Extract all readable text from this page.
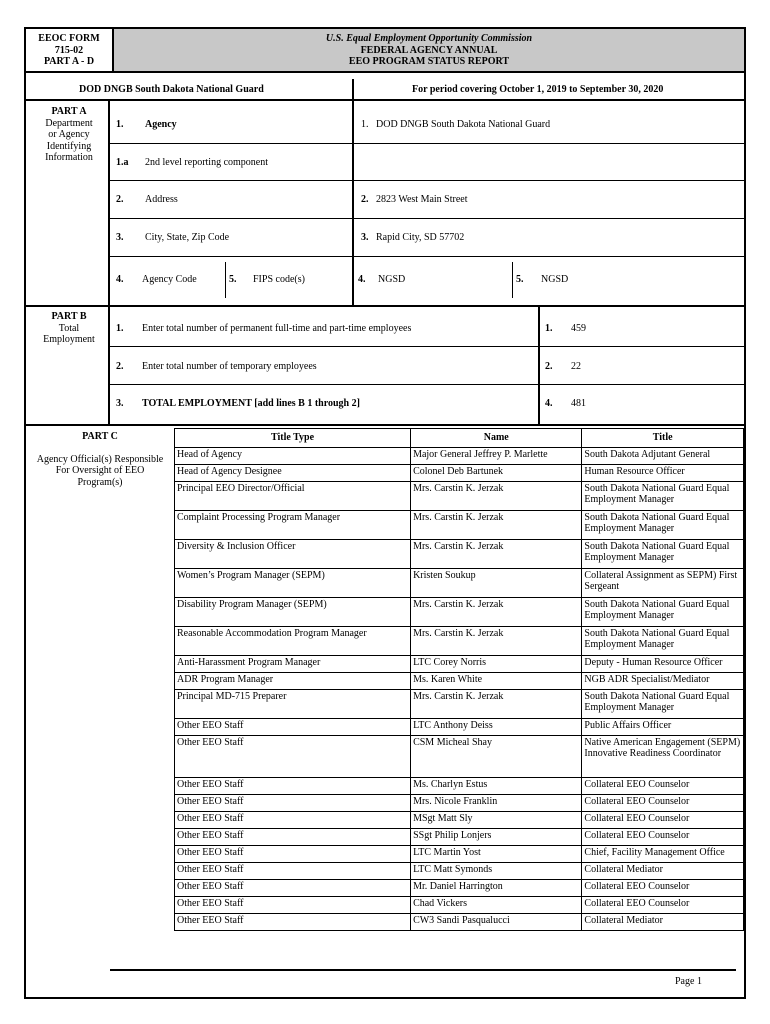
EEOC FORM
715-02
PART A - D
U.S. Equal Employment Opportunity Commission
FEDERAL AGENCY ANNUAL
EEO PROGRAM STATUS REPORT
DOD DNGB South Dakota National Guard	For period covering October 1, 2019 to September 30, 2020
PART A
Department
or Agency
Identifying
Information
1. Agency	1. DOD DNGB South Dakota National Guard
1.a 2nd level reporting component
2. Address	2. 2823 West Main Street
3. City, State, Zip Code	3. Rapid City, SD 57702
4. Agency Code	5. FIPS code(s)	4. NGSD	5. NGSD
PART B
Total
Employment
1. Enter total number of permanent full-time and part-time employees	1. 459
2. Enter total number of temporary employees	2. 22
3. TOTAL EMPLOYMENT [add lines B 1 through 2]	4. 481
PART C
Agency Official(s) Responsible
For Oversight of EEO
Program(s)
Title Type	Name	Title
Head of Agency	Major General Jeffrey P. Marlette	South Dakota Adjutant General
Head of Agency Designee	Colonel Deb Bartunek	Human Resource Officer
Principal EEO Director/Official	Mrs. Carstin K. Jerzak	South Dakota National Guard Equal Employment Manager
Complaint Processing Program Manager	Mrs. Carstin K. Jerzak	South Dakota National Guard Equal Employment Manager
Diversity & Inclusion Officer	Mrs. Carstin K. Jerzak	South Dakota National Guard Equal Employment Manager
Women’s Program Manager (SEPM)	Kristen Soukup	Collateral Assignment as SEPM) First Sergeant
Disability Program Manager (SEPM)	Mrs. Carstin K. Jerzak	South Dakota National Guard Equal Employment Manager
Reasonable Accommodation Program Manager	Mrs. Carstin K. Jerzak	South Dakota National Guard Equal Employment Manager
Anti-Harassment Program Manager	LTC Corey Norris	Deputy - Human Resource Officer
ADR Program Manager	Ms. Karen White	NGB ADR Specialist/Mediator
Principal MD-715 Preparer	Mrs. Carstin K. Jerzak	South Dakota National Guard Equal Employment Manager
Other EEO Staff	LTC Anthony Deiss	Public Affairs Officer
Other EEO Staff	CSM Micheal Shay	Native American Engagement (SEPM) Innovative Readiness Coordinator
Other EEO Staff	Ms. Charlyn Estus	Collateral EEO Counselor
Other EEO Staff	Mrs. Nicole Franklin	Collateral EEO Counselor
Other EEO Staff	MSgt Matt Sly	Collateral EEO Counselor
Other EEO Staff	SSgt Philip Lonjers	Collateral EEO Counselor
Other EEO Staff	LTC Martin Yost	Chief, Facility Management Office
Other EEO Staff	LTC Matt Symonds	Collateral Mediator
Other EEO Staff	Mr. Daniel Harrington	Collateral EEO Counselor
Other EEO Staff	Chad Vickers	Collateral EEO Counselor
Other EEO Staff	CW3 Sandi Pasqualucci	Collateral Mediator
Page 1
